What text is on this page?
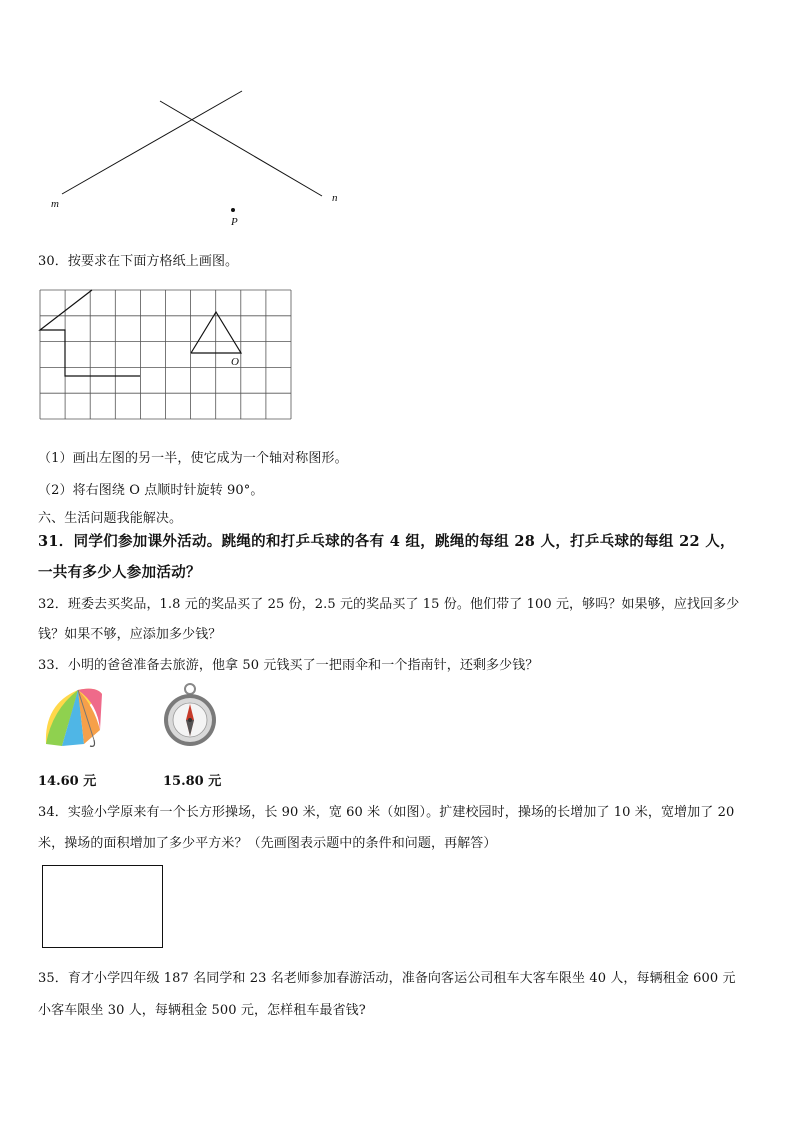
m	n
P
30．按要求在下面方格纸上画图。
O
（1）画出左图的另一半，使它成为一个轴对称图形。
（2）将右图绕 O 点顺时针旋转 90°。
六、生活问题我能解决。
31．同学们参加课外活动。跳绳的和打乒乓球的各有 4 组，跳绳的每组 28 人，打乒乓球的每组 22 人，
一共有多少人参加活动？
32．班委去买奖品，1.8 元的奖品买了 25 份，2.5 元的奖品买了 15 份。他们带了 100 元，够吗？如果够，应找回多少
钱？如果不够，应添加多少钱？
33．小明的爸爸准备去旅游，他拿 50 元钱买了一把雨伞和一个指南针，还剩多少钱？
14.60 元	15.80 元
34．实验小学原来有一个长方形操场，长 90 米，宽 60 米（如图）。扩建校园时，操场的长增加了 10 米，宽增加了 20
米，操场的面积增加了多少平方米？（先画图表示题中的条件和问题，再解答）
35．育才小学四年级 187 名同学和 23 名老师参加春游活动，准备向客运公司租车大客车限坐 40 人，每辆租金 600 元
小客车限坐 30 人，每辆租金 500 元，怎样租车最省钱?
